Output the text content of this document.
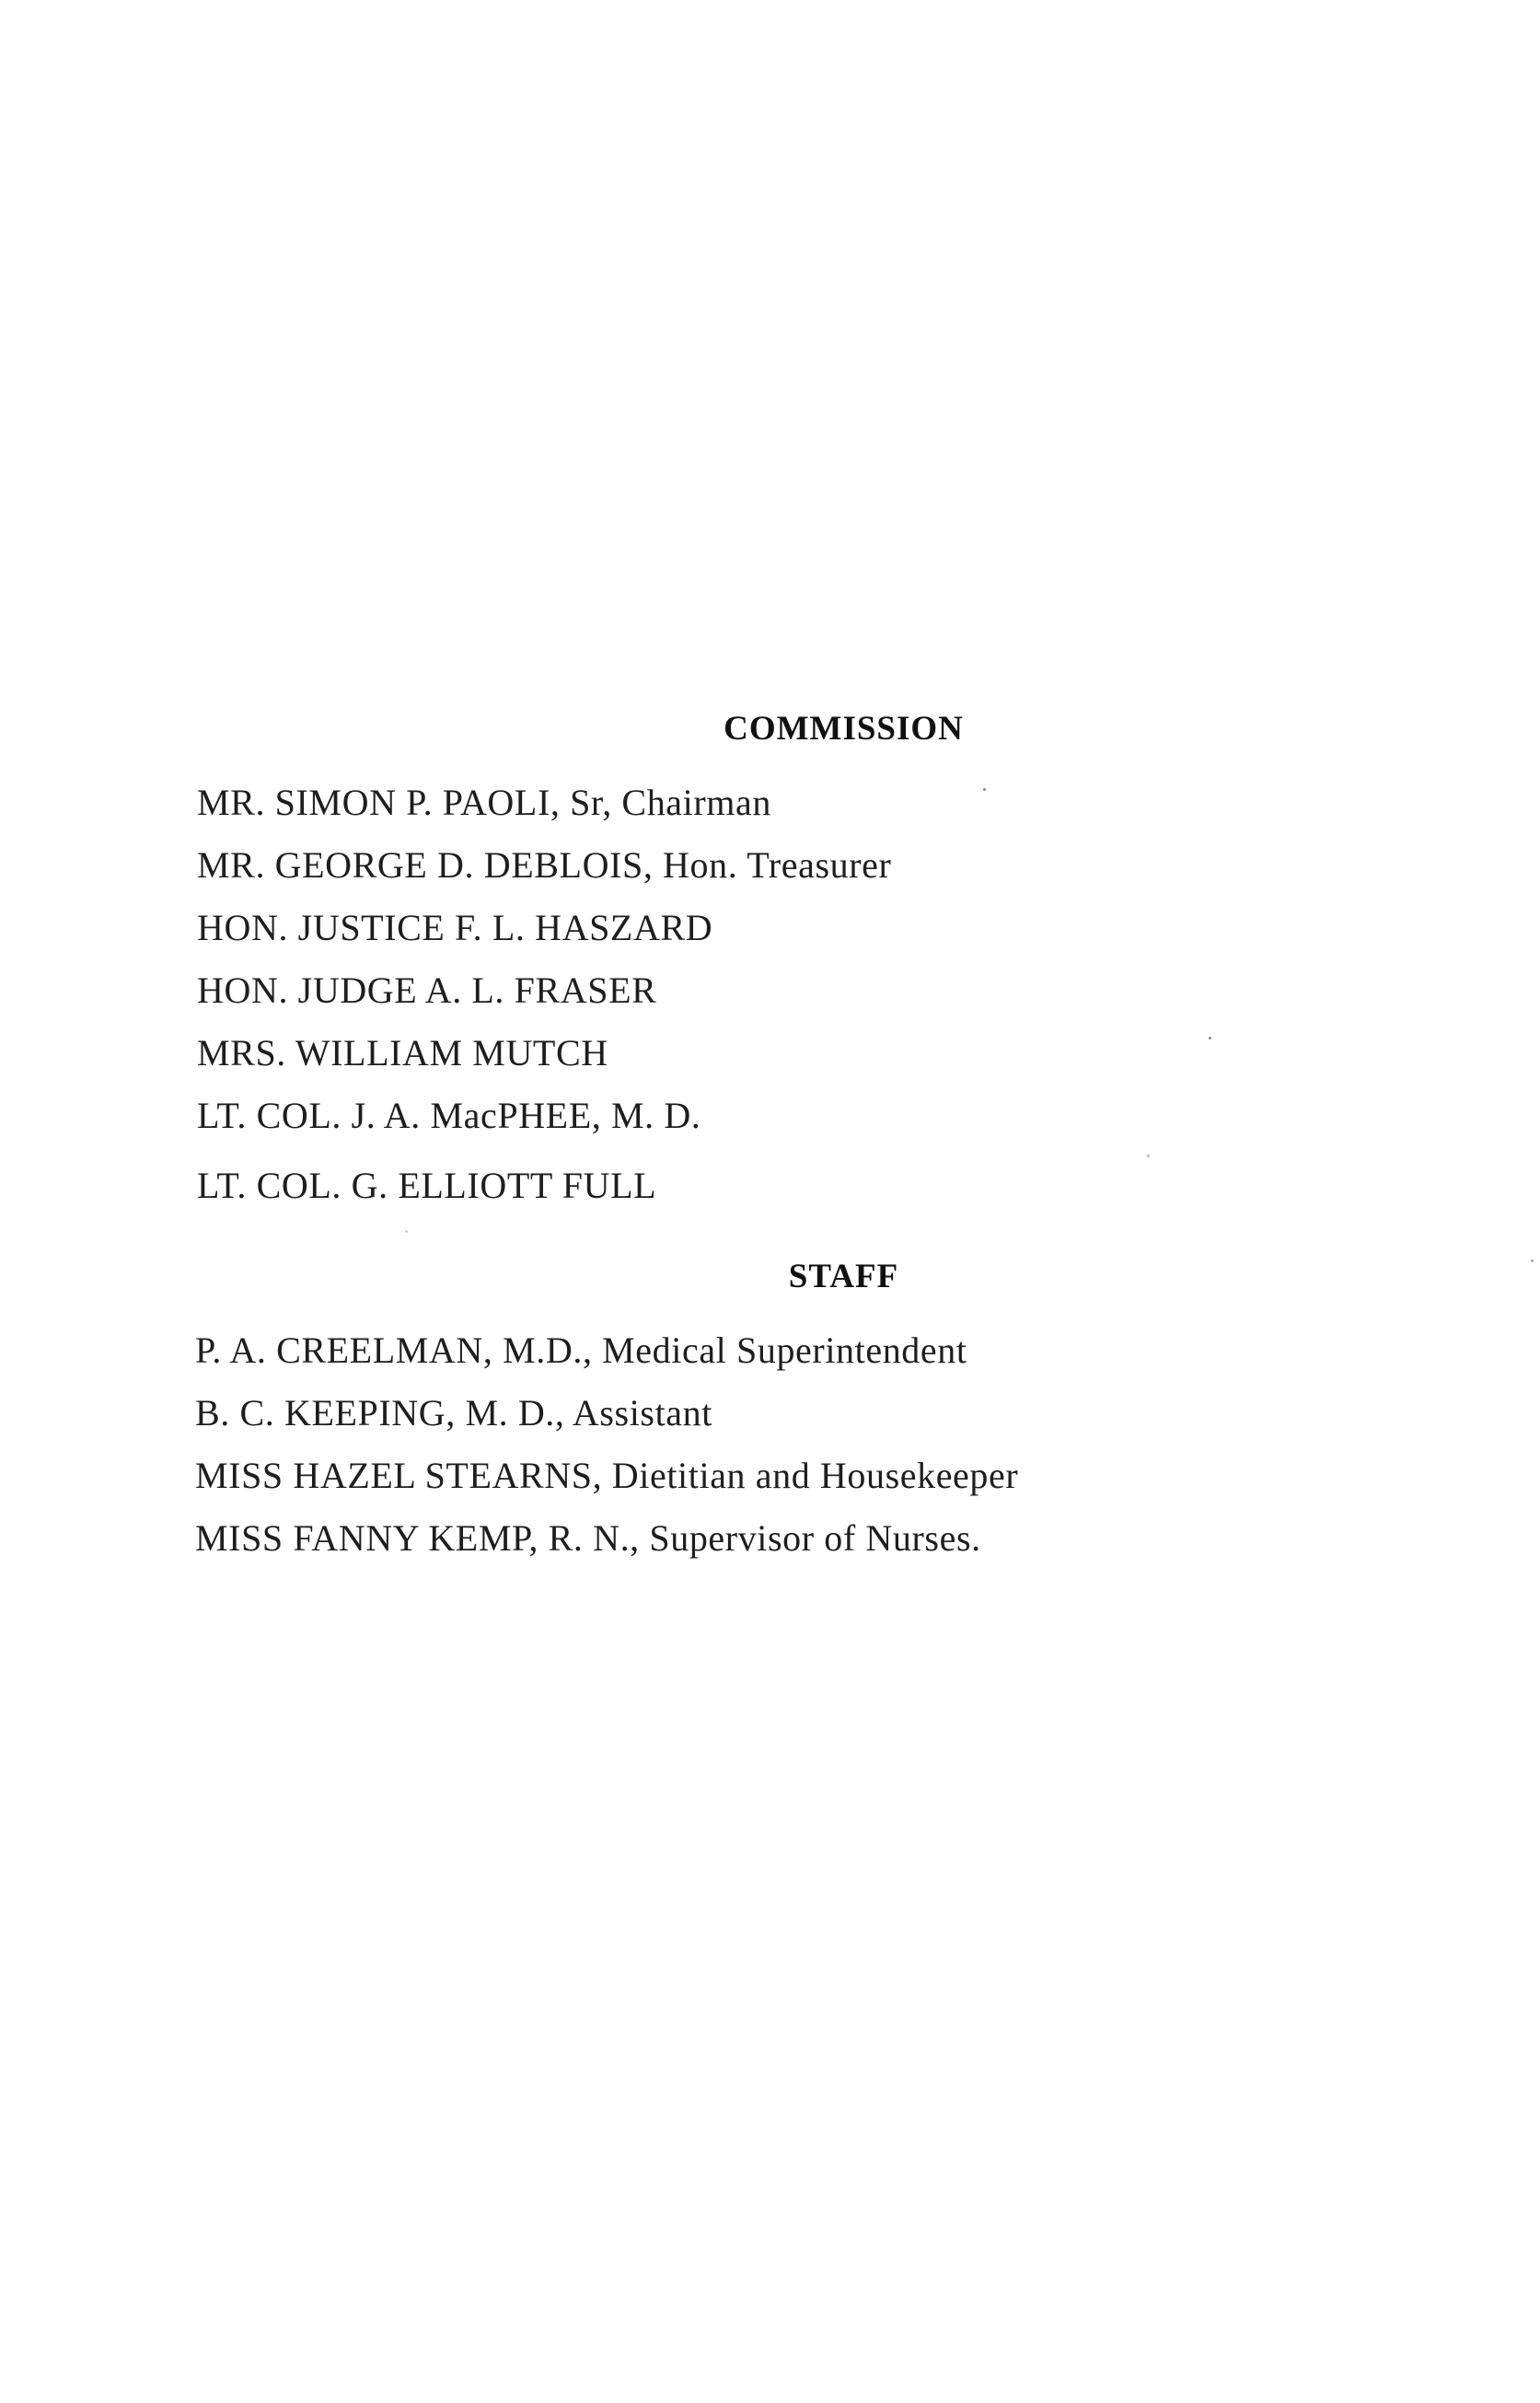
COMMISSION
MR. SIMON P. PAOLI, Sr, Chairman
MR. GEORGE D. DEBLOIS, Hon. Treasurer
HON. JUSTICE F. L. HASZARD
HON. JUDGE A. L. FRASER
MRS. WILLIAM MUTCH
LT. COL. J. A. MacPHEE, M. D.
LT. COL. G. ELLIOTT FULL
STAFF
P. A. CREELMAN, M.D., Medical Superintendent
B. C. KEEPING, M. D., Assistant
MISS HAZEL STEARNS, Dietitian and Housekeeper
MISS FANNY KEMP, R. N., Supervisor of Nurses.
